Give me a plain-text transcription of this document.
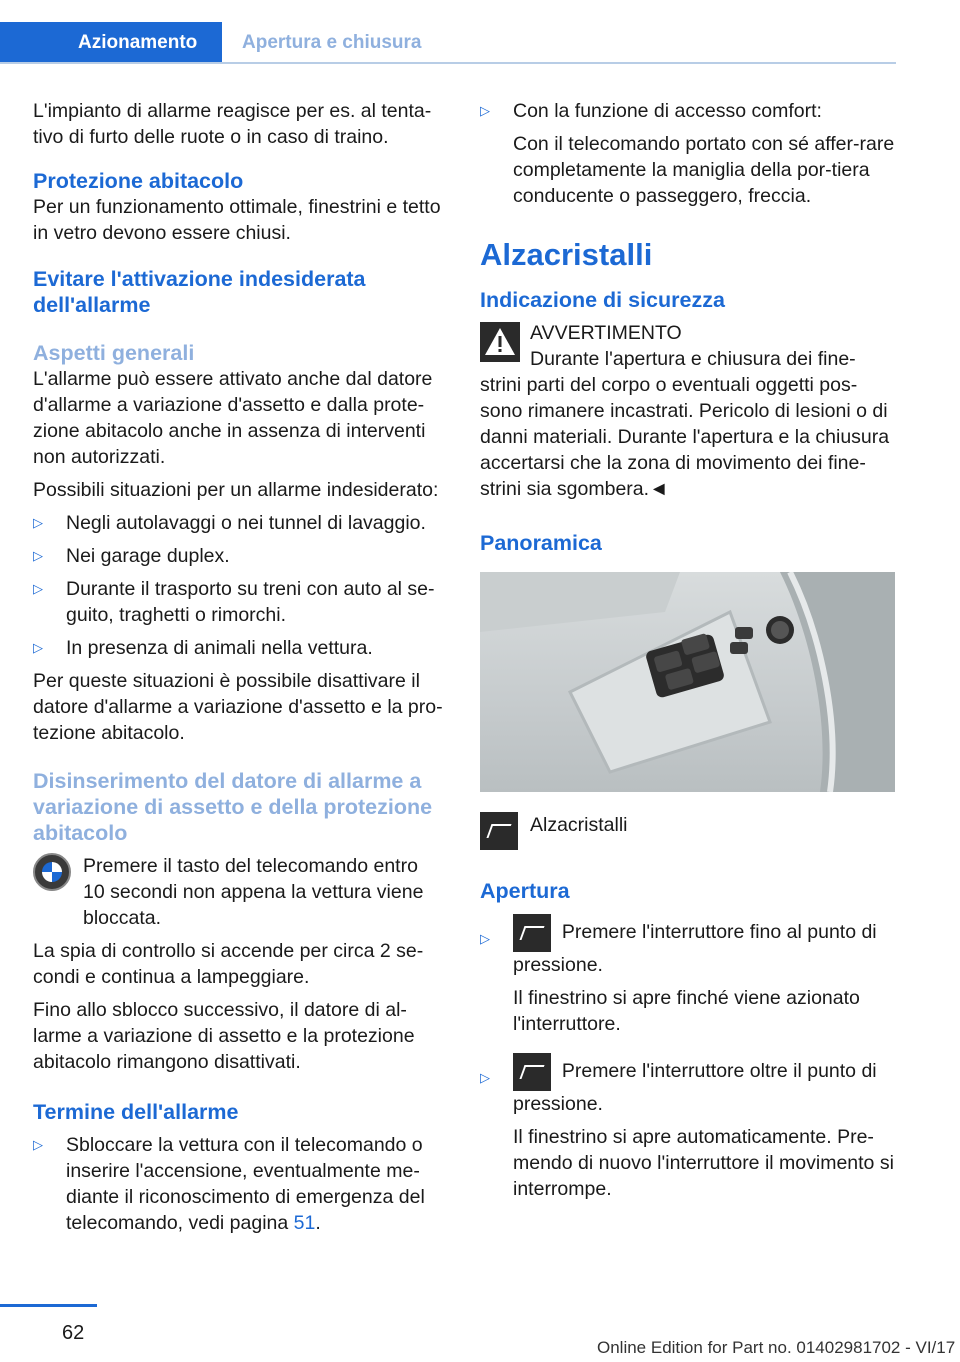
Azionamento Apertura e chiusura

L'impianto di allarme reagisce per es. al tenta-tivo di furto delle ruote o in caso di traino.

Protezione abitacolo

Per un funzionamento ottimale, finestrini e tetto in vetro devono essere chiusi.

Evitare l'attivazione indesiderata dell'allarme
Aspetti generali

L'allarme può essere attivato anche dal datore d'allarme a variazione d'assetto e dalla prote-zione abitacolo anche in assenza di interventi non autorizzati.

Possibili situazioni per un allarme indesiderato:

▷ Negli autolavaggi o nei tunnel di lavaggio.
▷ Nei garage duplex.
▷ Durante il trasporto su treni con auto al se-guito, traghetti o rimorchi.
▷ In presenza di animali nella vettura.

Per queste situazioni è possibile disattivare il datore d'allarme a variazione d'assetto e la pro-tezione abitacolo.

Disinserimento del datore di allarme a variazione di assetto e della protezione abitacolo

Premere il tasto del telecomando entro 10 secondi non appena la vettura viene bloccata.

La spia di controllo si accende per circa 2 se-condi e continua a lampeggiare.

Fino allo sblocco successivo, il datore di al-larme a variazione di assetto e la protezione abitacolo rimangono disattivati.

Termine dell'allarme
▷ Sbloccare la vettura con il telecomando o inserire l'accensione, eventualmente me-diante il riconoscimento di emergenza del telecomando, vedi pagina 51.
▷ Con la funzione di accesso comfort:

Con il telecomando portato con sé affer-rare completamente la maniglia della por-tiera conducente o passeggero, freccia.

Alzacristalli
Indicazione di sicurezza

AVVERTIMENTO

Durante l'apertura e chiusura dei fine-strini parti del corpo o eventuali oggetti pos-sono rimanere incastrati. Pericolo di lesioni o di danni materiali. Durante l'apertura e la chiusura accertarsi che la zona di movimento dei fine-strini sia sgombera.◄

Panoramica

Alzacristalli

Apertura
▷	Premere l'interruttore fino al punto di pressione.

Il finestrino si apre finché viene azionato l'interruttore.

▷	Premere l'interruttore oltre il punto di pressione.

Il finestrino si apre automaticamente. Pre-mendo di nuovo l'interruttore il movimento si interrompe.

62
Online Edition for Part no. 01402981702 - VI/17
